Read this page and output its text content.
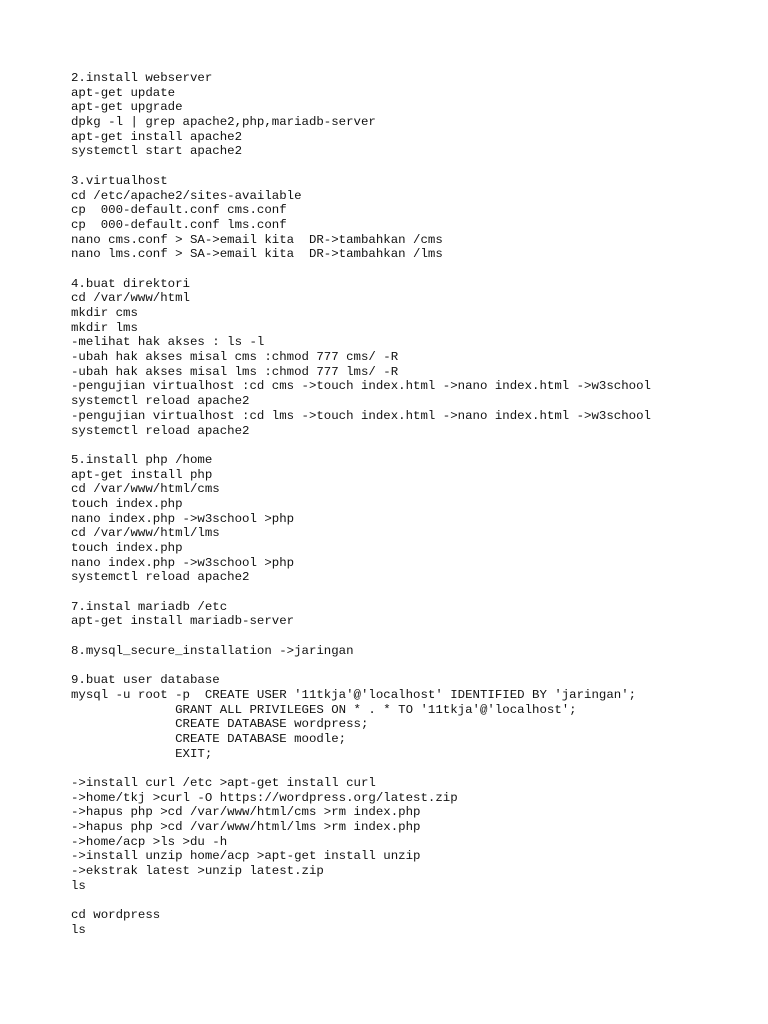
2.install webserver
apt-get update
apt-get upgrade
dpkg -l | grep apache2,php,mariadb-server
apt-get install apache2
systemctl start apache2
3.virtualhost
cd /etc/apache2/sites-available
cp  000-default.conf cms.conf
cp  000-default.conf lms.conf
nano cms.conf > SA->email kita  DR->tambahkan /cms
nano lms.conf > SA->email kita  DR->tambahkan /lms
4.buat direktori
cd /var/www/html
mkdir cms
mkdir lms
-melihat hak akses : ls -l
-ubah hak akses misal cms :chmod 777 cms/ -R
-ubah hak akses misal lms :chmod 777 lms/ -R
-pengujian virtualhost :cd cms ->touch index.html ->nano index.html ->w3school
systemctl reload apache2
-pengujian virtualhost :cd lms ->touch index.html ->nano index.html ->w3school
systemctl reload apache2
5.install php /home
apt-get install php
cd /var/www/html/cms
touch index.php
nano index.php ->w3school >php
cd /var/www/html/lms
touch index.php
nano index.php ->w3school >php
systemctl reload apache2
7.instal mariadb /etc
apt-get install mariadb-server
8.mysql_secure_installation ->jaringan
9.buat user database
mysql -u root -p  CREATE USER '11tkja'@'localhost' IDENTIFIED BY 'jaringan';
GRANT ALL PRIVILEGES ON * . * TO '11tkja'@'localhost';
CREATE DATABASE wordpress;
CREATE DATABASE moodle;
EXIT;
->install curl /etc >apt-get install curl
->home/tkj >curl -O https://wordpress.org/latest.zip
->hapus php >cd /var/www/html/cms >rm index.php
->hapus php >cd /var/www/html/lms >rm index.php
->home/acp >ls >du -h
->install unzip home/acp >apt-get install unzip
->ekstrak latest >unzip latest.zip
ls
cd wordpress
ls
